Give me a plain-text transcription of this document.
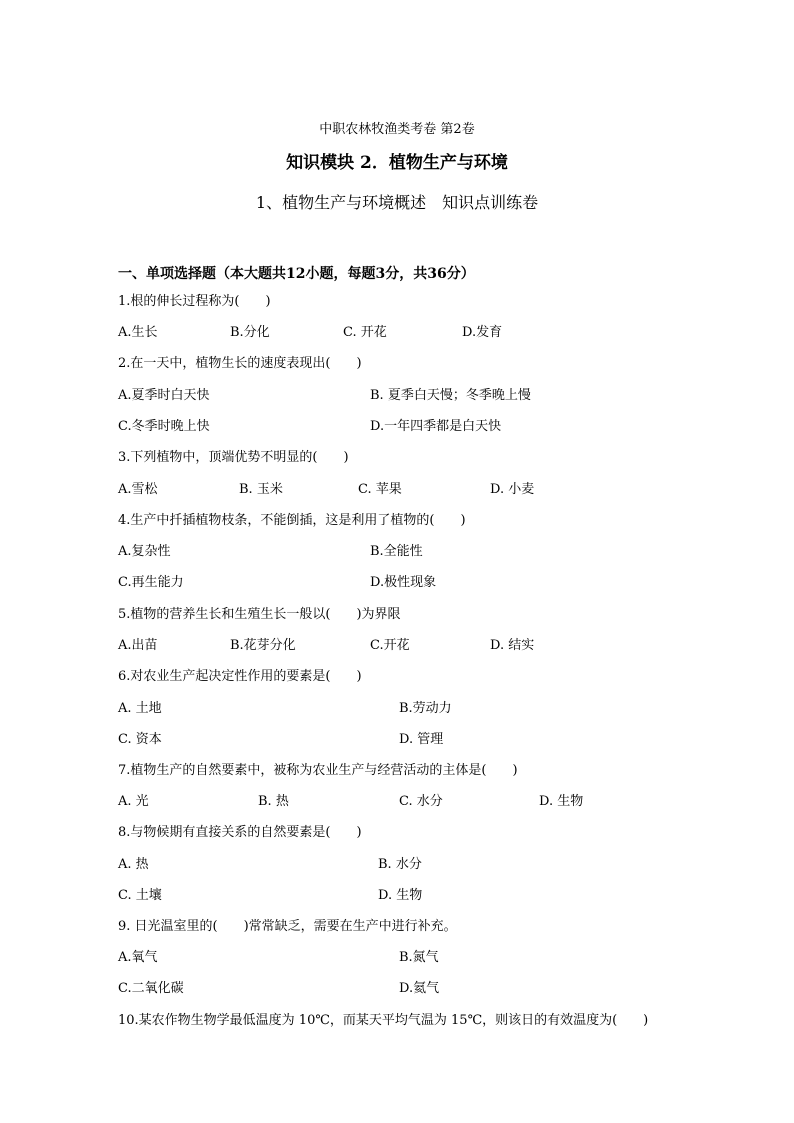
中职农林牧渔类考卷 第2卷
知识模块 2．植物生产与环境
1、植物生产与环境概述　知识点训练卷
一、单项选择题（本大题共12小题，每题3分，共36分）
1.根的伸长过程称为(　　)
A.生长	B.分化	C. 开花	D.发育
2.在一天中，植物生长的速度表现出(　　)
A.夏季时白天快	B. 夏季白天慢；冬季晚上慢
C.冬季时晚上快	D.一年四季都是白天快
3.下列植物中，顶端优势不明显的(　　)
A.雪松	B. 玉米	C. 苹果	D. 小麦
4.生产中扦插植物枝条，不能倒插，这是利用了植物的(　　)
A.复杂性	B.全能性
C.再生能力	D.极性现象
5.植物的营养生长和生殖生长一般以(　　)为界限
A.出苗	B.花芽分化	C.开花	D. 结实
6.对农业生产起决定性作用的要素是(　　)
A. 土地	B.劳动力
C. 资本	D. 管理
7.植物生产的自然要素中，被称为农业生产与经营活动的主体是(　　)
A. 光	B. 热	C. 水分	D. 生物
8.与物候期有直接关系的自然要素是(　　)
A. 热	B. 水分
C. 土壤	D. 生物
9. 日光温室里的(　　)常常缺乏，需要在生产中进行补充。
A.氧气	B.氮气
C.二氧化碳	D.氦气
10.某农作物生物学最低温度为 10℃，而某天平均气温为 15℃，则该日的有效温度为(　　)
